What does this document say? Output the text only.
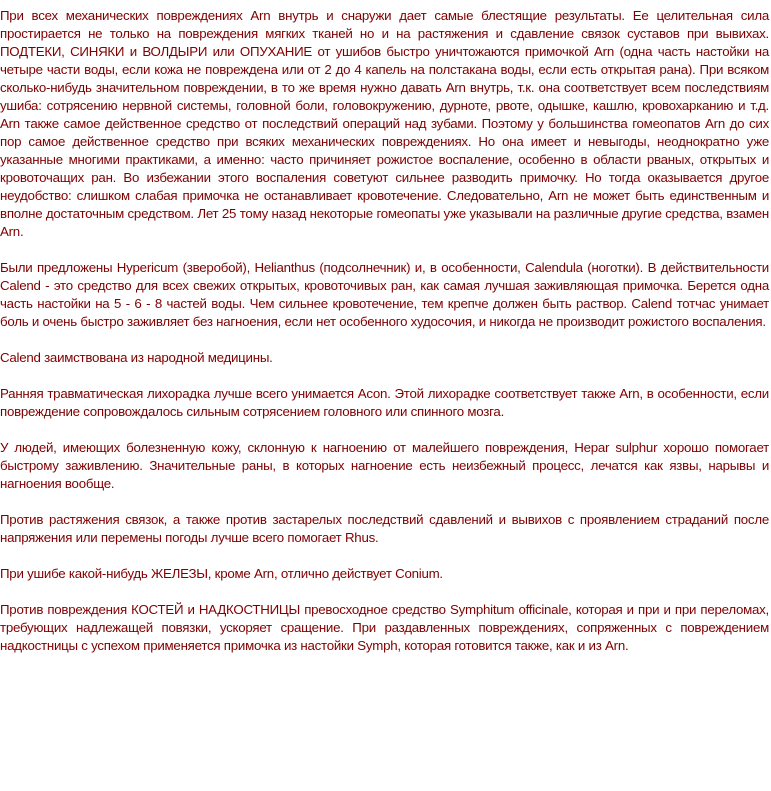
При всех механических повреждениях Arn внутрь и снаружи дает самые блестящие результаты. Ее целительная сила простирается не только на повреждения мягких тканей но и на растяжения и сдавление связок суставов при вывихах. ПОДТЕКИ, СИНЯКИ и ВОЛДЫРИ или ОПУХАНИЕ от ушибов быстро уничтожаются примочкой Arn (одна часть настойки на четыре части воды, если кожа не повреждена или от 2 до 4 капель на полстакана воды, если есть открытая рана). При всяком сколько-нибудь значительном повреждении, в то же время нужно давать Arn внутрь, т.к. она соответствует всем последствиям ушиба: сотрясению нервной системы, головной боли, головокружению, дурноте, рвоте, одышке, кашлю, кровохарканию и т.д. Arn также самое действенное средство от последствий операций над зубами. Поэтому у большинства гомеопатов Arn до сих пор самое действенное средство при всяких механических повреждениях. Но она имеет и невыгоды, неоднократно уже указанные многими практиками, а именно: часто причиняет рожистое воспаление, особенно в области рваных, открытых и кровоточащих ран. Во избежании этого воспаления советуют сильнее разводить примочку. Но тогда оказывается другое неудобство: слишком слабая примочка не останавливает кровотечение. Следовательно, Arn не может быть единственным и вполне достаточным средством. Лет 25 тому назад некоторые гомеопаты уже указывали на различные другие средства, взамен Arn.

Были предложены Hypericum (зверобой), Helianthus (подсолнечник) и, в особенности, Calendula (ноготки). В действительности Calend - это средство для всех свежих открытых, кровоточивых ран, как самая лучшая заживляющая примочка. Берется одна часть настойки на 5 - 6 - 8 частей воды. Чем сильнее кровотечение, тем крепче должен быть раствор. Calend тотчас унимает боль и очень быстро заживляет без нагноения, если нет особенного худосочия, и никогда не производит рожистого воспаления.

Calend заимствована из народной медицины.

Ранняя травматическая лихорадка лучше всего унимается Acon. Этой лихорадке соответствует также Arn, в особенности, если повреждение сопровождалось сильным сотрясением головного или спинного мозга.

У людей, имеющих болезненную кожу, склонную к нагноению от малейшего повреждения, Hepar sulphur хорошо помогает быстрому заживлению. Значительные раны, в которых нагноение есть неизбежный процесс, лечатся как язвы, нарывы и нагноения вообще.

Против растяжения связок, а также против застарелых последствий сдавлений и вывихов с проявлением страданий после напряжения или перемены погоды лучше всего помогает Rhus.

При ушибе какой-нибудь ЖЕЛЕЗЫ, кроме Arn, отлично действует Conium.

Против повреждения КОСТЕЙ и НАДКОСТНИЦЫ превосходное средство Symphitum officinale, которая и при и при переломах, требующих надлежащей повязки, ускоряет сращение. При раздавленных повреждениях, сопряженных с повреждением надкостницы с успехом применяется примочка из настойки Symph, которая готовится также, как и из Arn.
